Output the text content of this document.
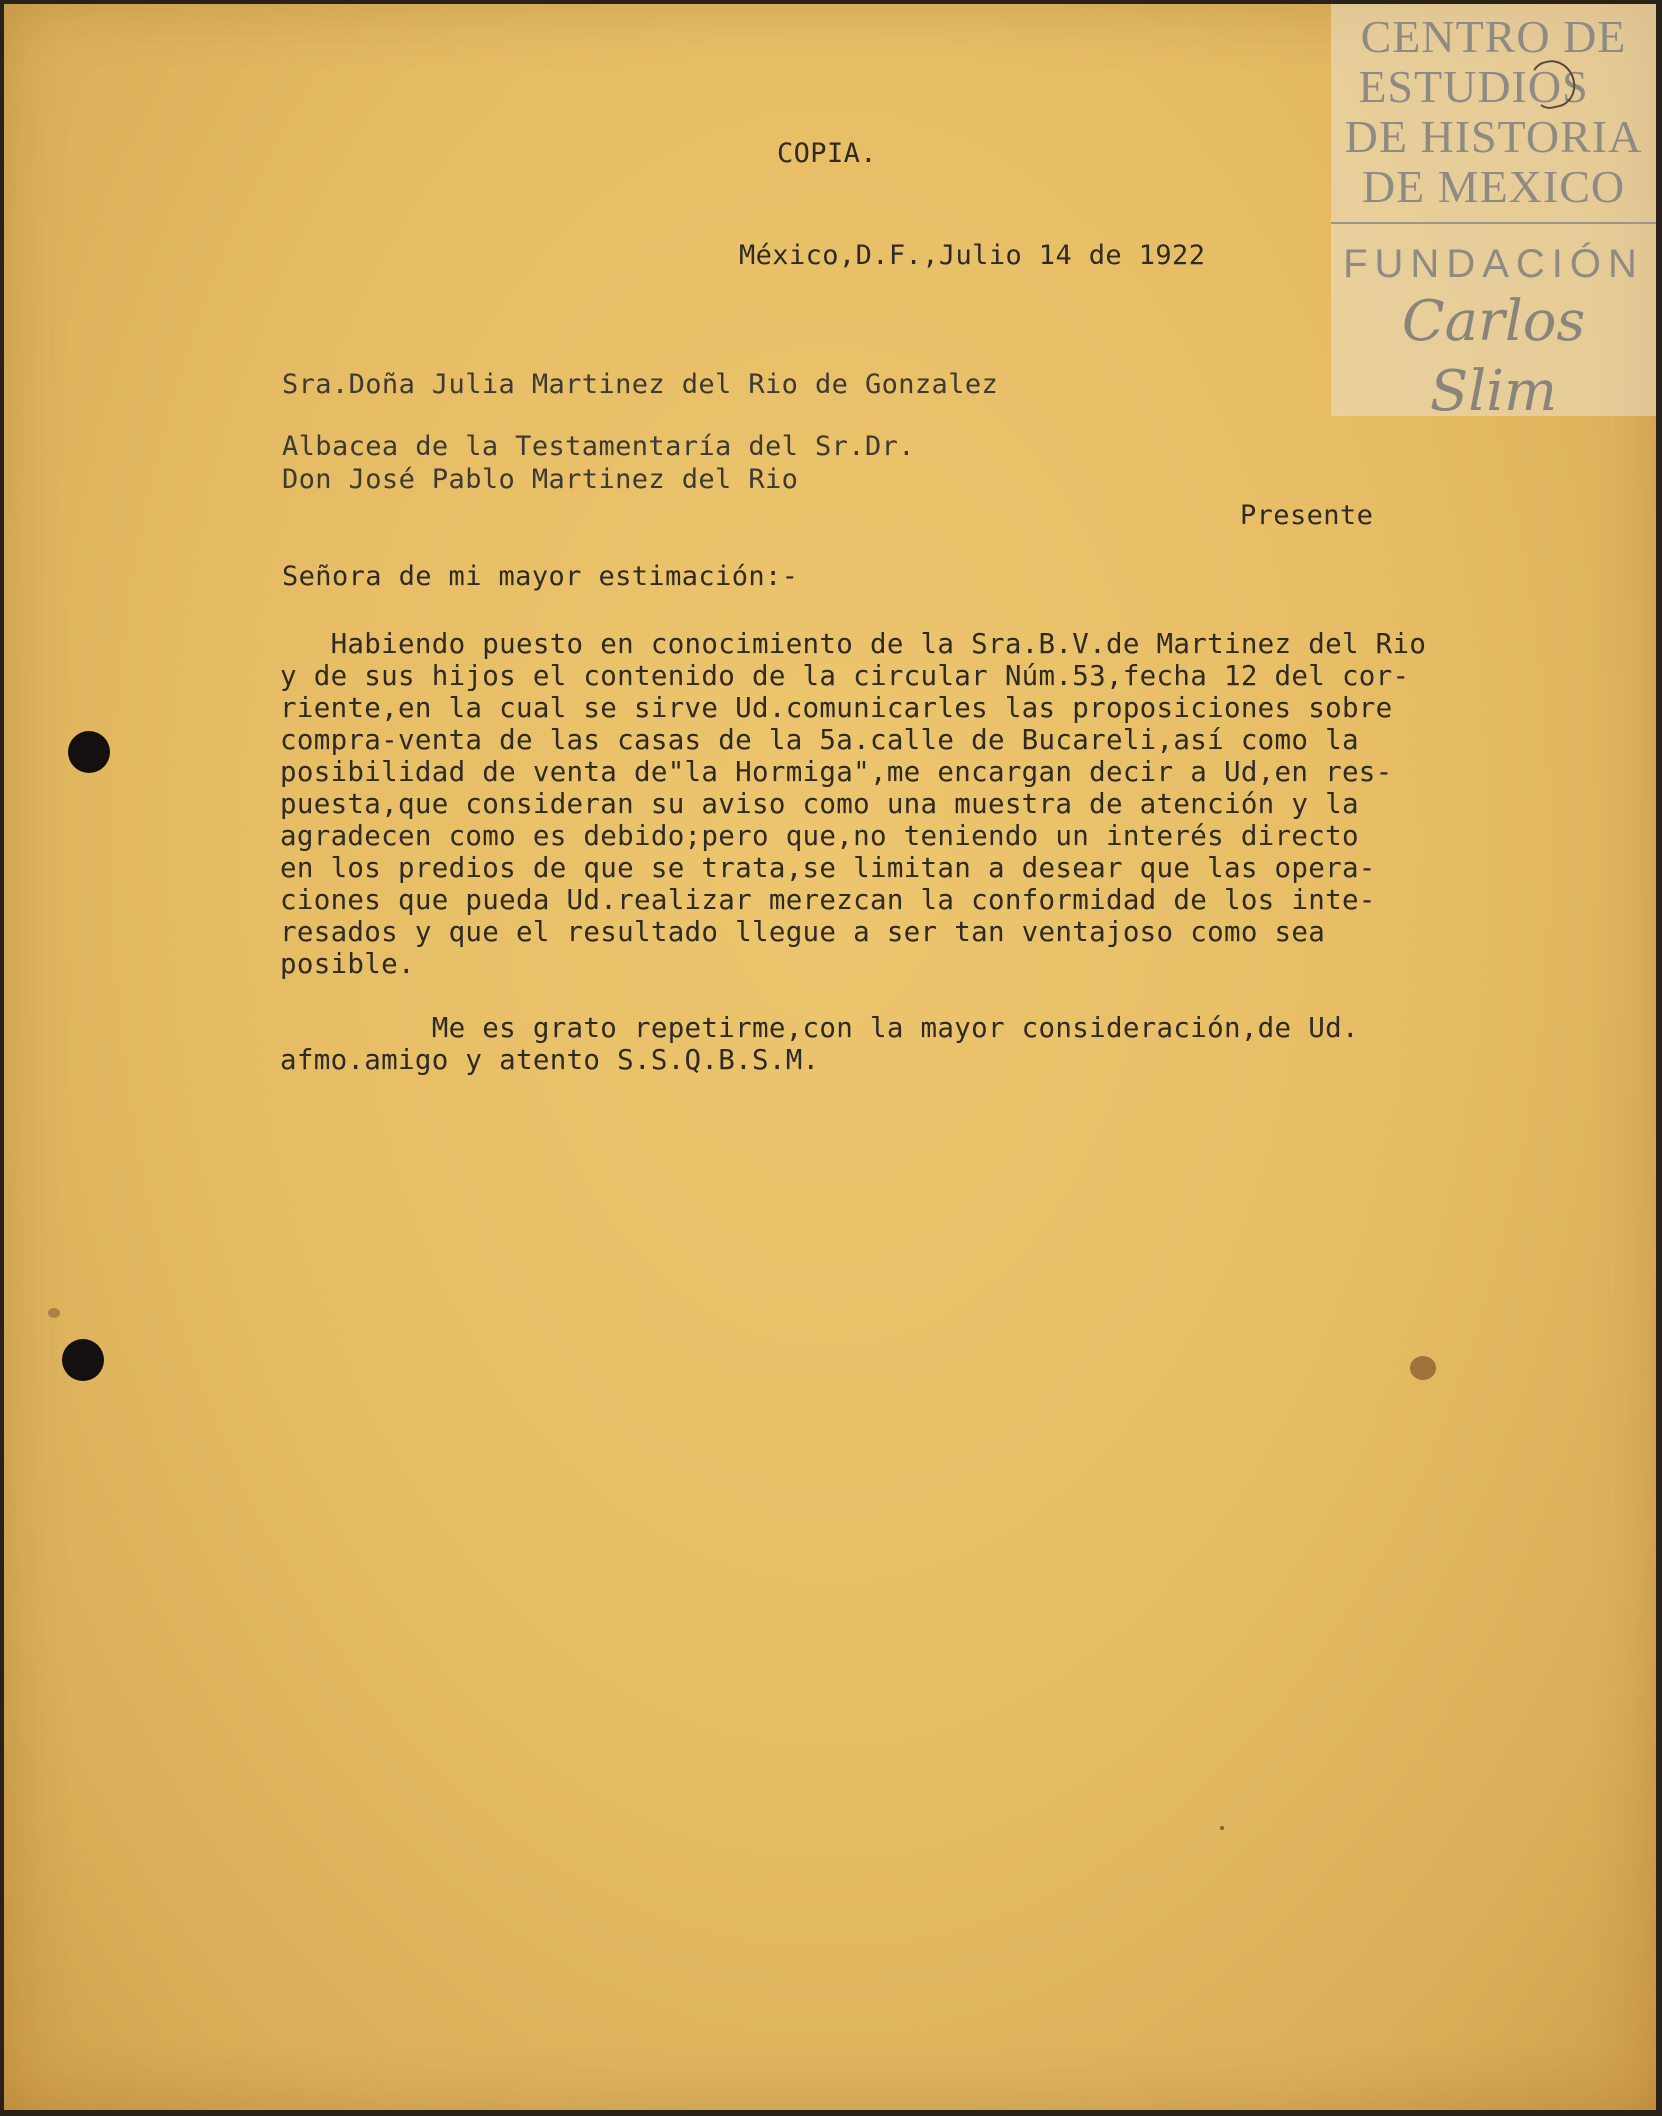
CENTRO DE
ESTUDIOS
DE HISTORIA
DE MEXICO
FUNDACIÓN
Carlos Slim
COPIA.
México,D.F.,Julio 14 de 1922
Sra.Doña Julia Martinez del Rio de Gonzalez
Albacea de la Testamentaría del Sr.Dr.
Don José Pablo Martinez del Rio
Presente
Señora de mi mayor estimación:-
Habiendo puesto en conocimiento de la Sra.B.V.de Martinez del Rio
y de sus hijos el contenido de la circular Núm.53,fecha 12 del cor-
riente,en la cual se sirve Ud.comunicarles las proposiciones sobre
compra-venta de las casas de la 5a.calle de Bucareli,así como la
posibilidad de venta de"la Hormiga",me encargan decir a Ud,en res-
puesta,que consideran su aviso como una muestra de atención y la
agradecen como es debido;pero que,no teniendo un interés directo
en los predios de que se trata,se limitan a desear que las opera-
ciones que pueda Ud.realizar merezcan la conformidad de los inte-
resados y que el resultado llegue a ser tan ventajoso como sea
posible.
Me es grato repetirme,con la mayor consideración,de Ud.
afmo.amigo y atento S.S.Q.B.S.M.
